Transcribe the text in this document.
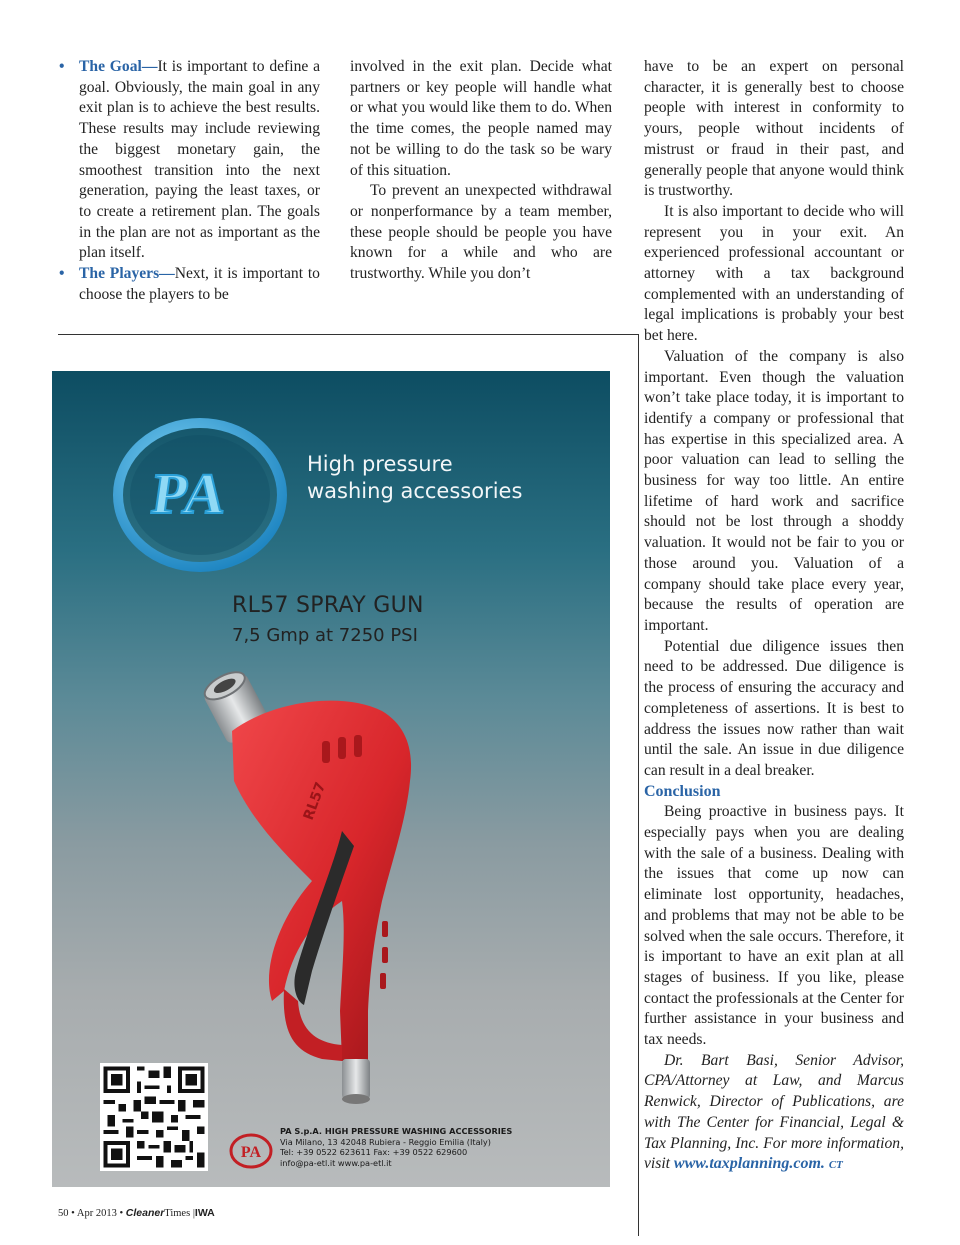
• The Goal—It is important to define a goal. Obviously, the main goal in any exit plan is to achieve the best results. These results may include reviewing the biggest monetary gain, the smoothest transition into the next generation, paying the least taxes, or to create a retirement plan. The goals in the plan are not as important as the plan itself.

• The Players—Next, it is important to choose the players to be

involved in the exit plan. Decide what partners or key people will handle what or what you would like them to do. When the time comes, the people named may not be willing to do the task so be wary of this situation.

To prevent an unexpected withdrawal or nonperformance by a team member, these people should be people you have known for a while and who are trustworthy. While you don’t

have to be an expert on personal character, it is generally best to choose people with interest in conformity to yours, people without incidents of mistrust or fraud in their past, and generally people that anyone would think is trustworthy.

It is also important to decide who will represent you in your exit. An experienced professional accountant or attorney with a tax background complemented with an understanding of legal implications is probably your best bet here.

Valuation of the company is also important. Even though the valuation won’t take place today, it is important to identify a company or professional that has expertise in this specialized area. A poor valuation can lead to selling the business for way too little. An entire lifetime of hard work and sacrifice should not be lost through a shoddy valuation. It would not be fair to you or those around you. Valuation of a company should take place every year, because the results of operation are important.

Potential due diligence issues then need to be addressed. Due diligence is the process of ensuring the accuracy and completeness of assertions. It is best to address the issues now rather than wait until the sale. An issue in due diligence can result in a deal breaker.

Conclusion

Being proactive in business pays. It especially pays when you are dealing with the sale of a business. Dealing with the issues that come up now can eliminate lost opportunity, headaches, and problems that may not be able to be solved when the sale occurs. Therefore, it is important to have an exit plan at all stages of business. If you like, please contact the professionals at the Center for further assistance in your business and tax needs.

Dr. Bart Basi, Senior Advisor, CPA/Attorney at Law, and Marcus Renwick, Director of Publications, are with The Center for Financial, Legal & Tax Planning, Inc. For more information, visit www.taxplanning.com. CT

PA	High pressure
washing accessories
RL57 SPRAY GUN
7,5 Gmp at 7250 PSI
RL57
PA
PA S.p.A. HIGH PRESSURE WASHING ACCESSORIES
Via Milano, 13 42048 Rubiera - Reggio Emilia (Italy)
Tel: +39 0522 623611 Fax: +39 0522 629600
info@pa-etl.it www.pa-etl.it
50 • Apr 2013 • CleanerTimes |IWA
